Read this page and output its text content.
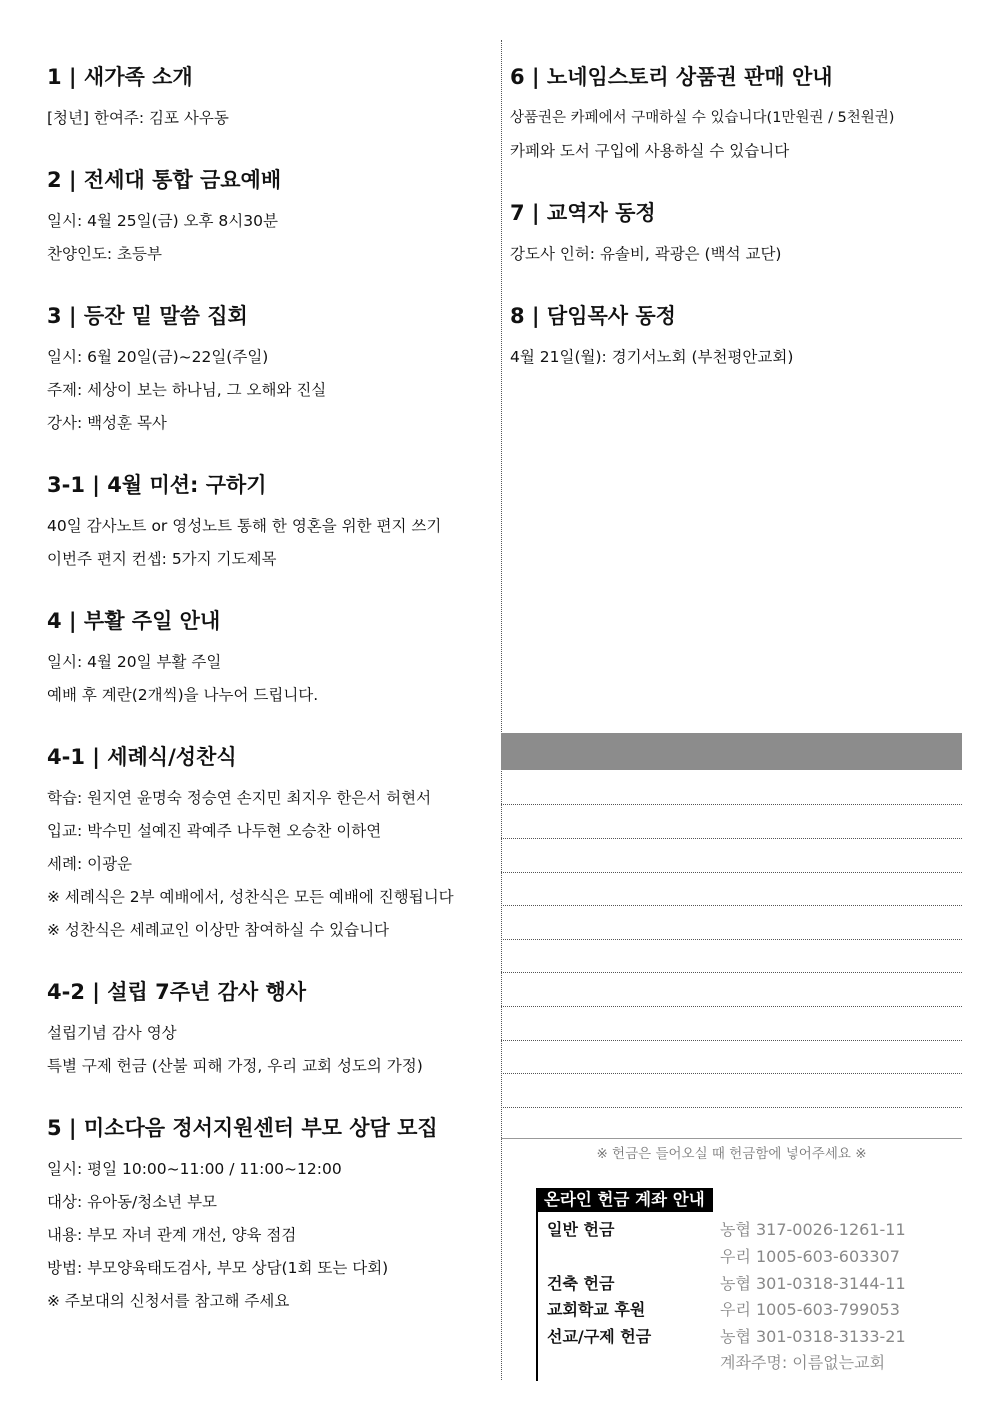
1 | 새가족 소개
[청년] 한여주: 김포 사우동
2 | 전세대 통합 금요예배
일시: 4월 25일(금) 오후 8시30분
찬양인도: 초등부
3 | 등잔 밑 말씀 집회
일시: 6월 20일(금)~22일(주일)
주제: 세상이 보는 하나님, 그 오해와 진실
강사: 백성훈 목사
3-1 | 4월 미션: 구하기
40일 감사노트 or 영성노트 통해 한 영혼을 위한 편지 쓰기
이번주 편지 컨셉: 5가지 기도제목
4 | 부활 주일 안내
일시: 4월 20일 부활 주일
예배 후 계란(2개씩)을 나누어 드립니다.
4-1 | 세례식/성찬식
학습: 원지연 윤명숙 정승연 손지민 최지우 한은서 허현서
입교: 박수민 설예진 곽예주 나두현 오승찬 이하연
세례: 이광운
※ 세례식은 2부 예배에서, 성찬식은 모든 예배에 진행됩니다
※ 성찬식은 세례교인 이상만 참여하실 수 있습니다
4-2 | 설립 7주년 감사 행사
설립기념 감사 영상
특별 구제 헌금 (산불 피해 가정, 우리 교회 성도의 가정)
5 | 미소다음 정서지원센터 부모 상담 모집
일시: 평일 10:00~11:00 / 11:00~12:00
대상: 유아동/청소년 부모
내용: 부모 자녀 관계 개선, 양육 점검
방법: 부모양육태도검사, 부모 상담(1회 또는 다회)
※ 주보대의 신청서를 참고해 주세요
6 | 노네임스토리 상품권 판매 안내
상품권은 카페에서 구매하실 수 있습니다(1만원권 / 5천원권)
카페와 도서 구입에 사용하실 수 있습니다
7 | 교역자 동정
강도사 인허: 유솔비, 곽광은 (백석 교단)
8 | 담임목사 동정
4월 21일(월): 경기서노회 (부천평안교회)
※ 헌금은 들어오실 때 헌금함에 넣어주세요 ※
온라인 헌금 계좌 안내
일반 헌금	농협 317-0026-1261-11
우리 1005-603-603307
건축 헌금	농협 301-0318-3144-11
교회학교 후원	우리 1005-603-799053
선교/구제 헌금	농협 301-0318-3133-21
계좌주명: 이름없는교회
